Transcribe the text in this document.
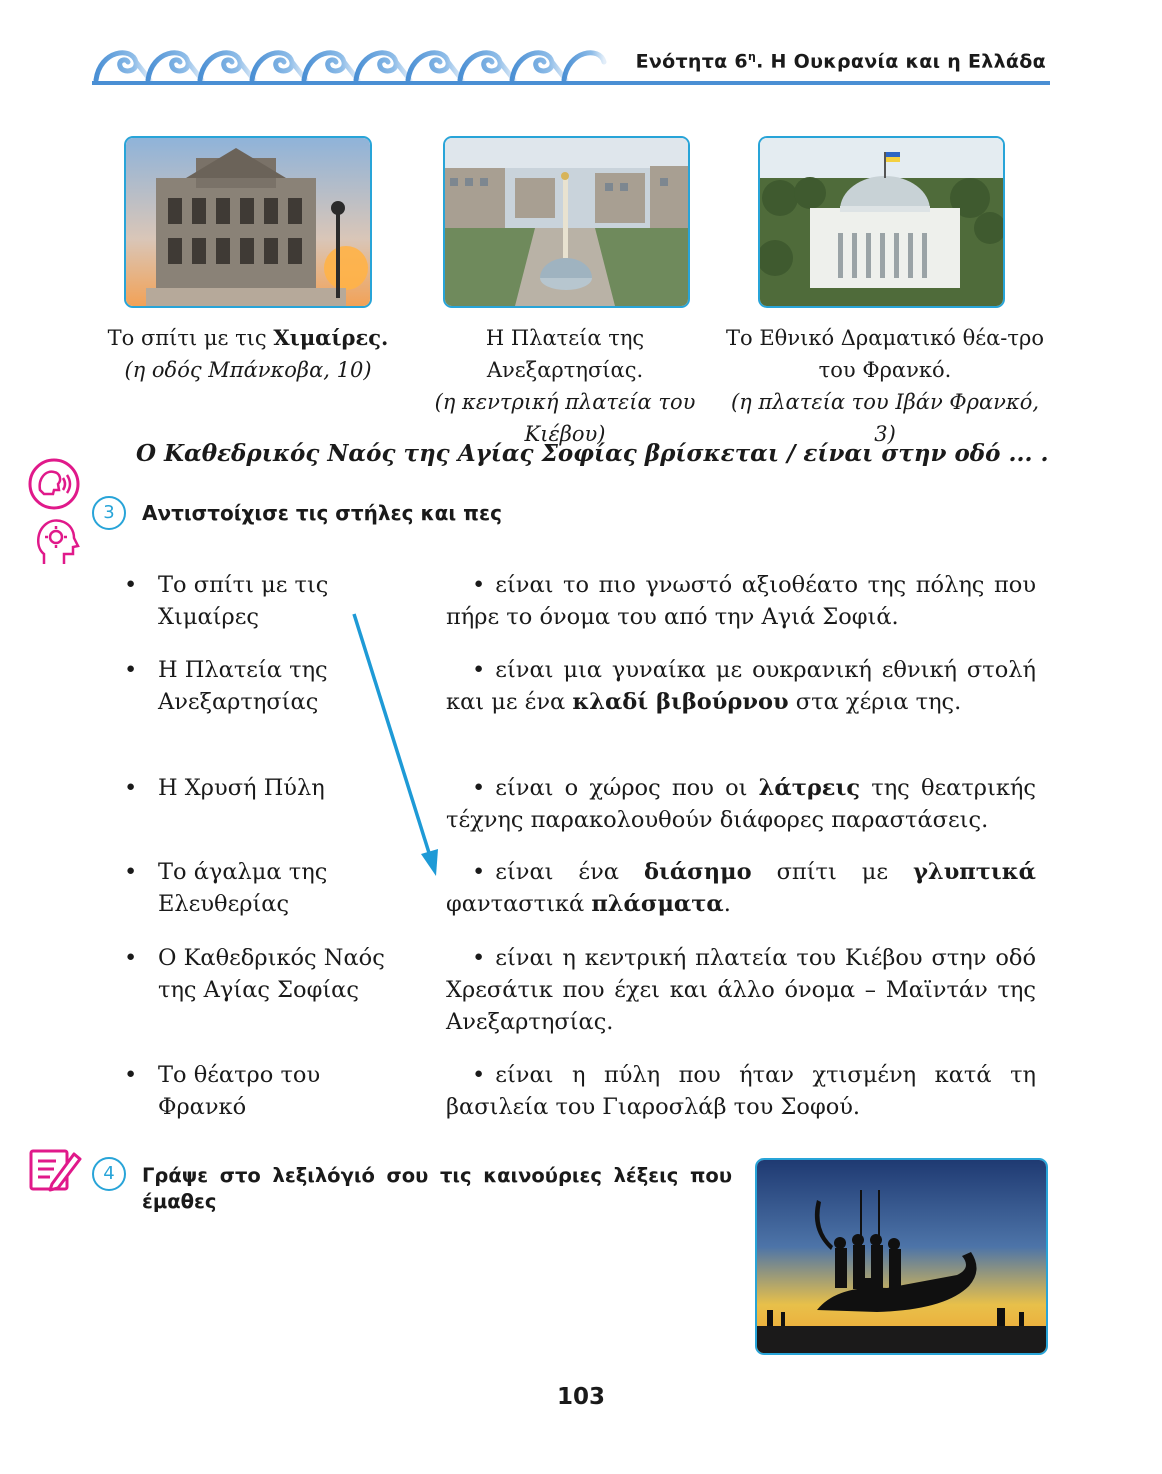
Ενότητα $6^\eta$. Η Ουκρανία και η Ελλάδα
Το σπίτι με τις Χιμαίρες.
(η οδός Μπάνκοβα, 10)
Η Πλατεία της Ανεξαρτησίας.
(η κεντρική πλατεία του Κιέβου)
Το Εθνικό Δραματικό θέα-τρο του Φρανκό.
(η πλατεία του Ιβάν Φρανκό, 3)
Ο Καθεδρικός Ναός της Αγίας Σοφίας βρίσκεται / είναι στην οδό ... .
3	Αντιστοίχισε τις στήλες και πες
• Το σπίτι με τις Χιμαίρες
• Η Πλατεία της Ανεξαρτησίας
• Η Χρυσή Πύλη
• Το άγαλμα της Ελευθερίας
• Ο Καθεδρικός Ναός της Αγίας Σοφίας
• Το θέατρο του Φρανκό
• είναι το πιο γνωστό αξιοθέατο της πόλης που πήρε το όνομα του από την Αγιά Σοφιά.
• είναι μια γυναίκα με ουκρανική εθνική στολή και με ένα κλαδί βιβούρνου στα χέρια της.
• είναι ο χώρος που οι λάτρεις της θεατρικής τέχνης παρακολουθούν διάφορες παραστάσεις.
• είναι ένα διάσημο σπίτι με γλυπτικά φανταστικά πλάσματα.
• είναι η κεντρική πλατεία του Κιέβου στην οδό Χρεσάτικ που έχει και άλλο όνομα – Μαϊντάν της Ανεξαρτησίας.
• είναι η πύλη που ήταν χτισμένη κατά τη βασιλεία του Γιαροσλάβ του Σοφού.
4	Γράψε στο λεξιλόγιό σου τις καινούριες λέξεις που έμαθες
103
